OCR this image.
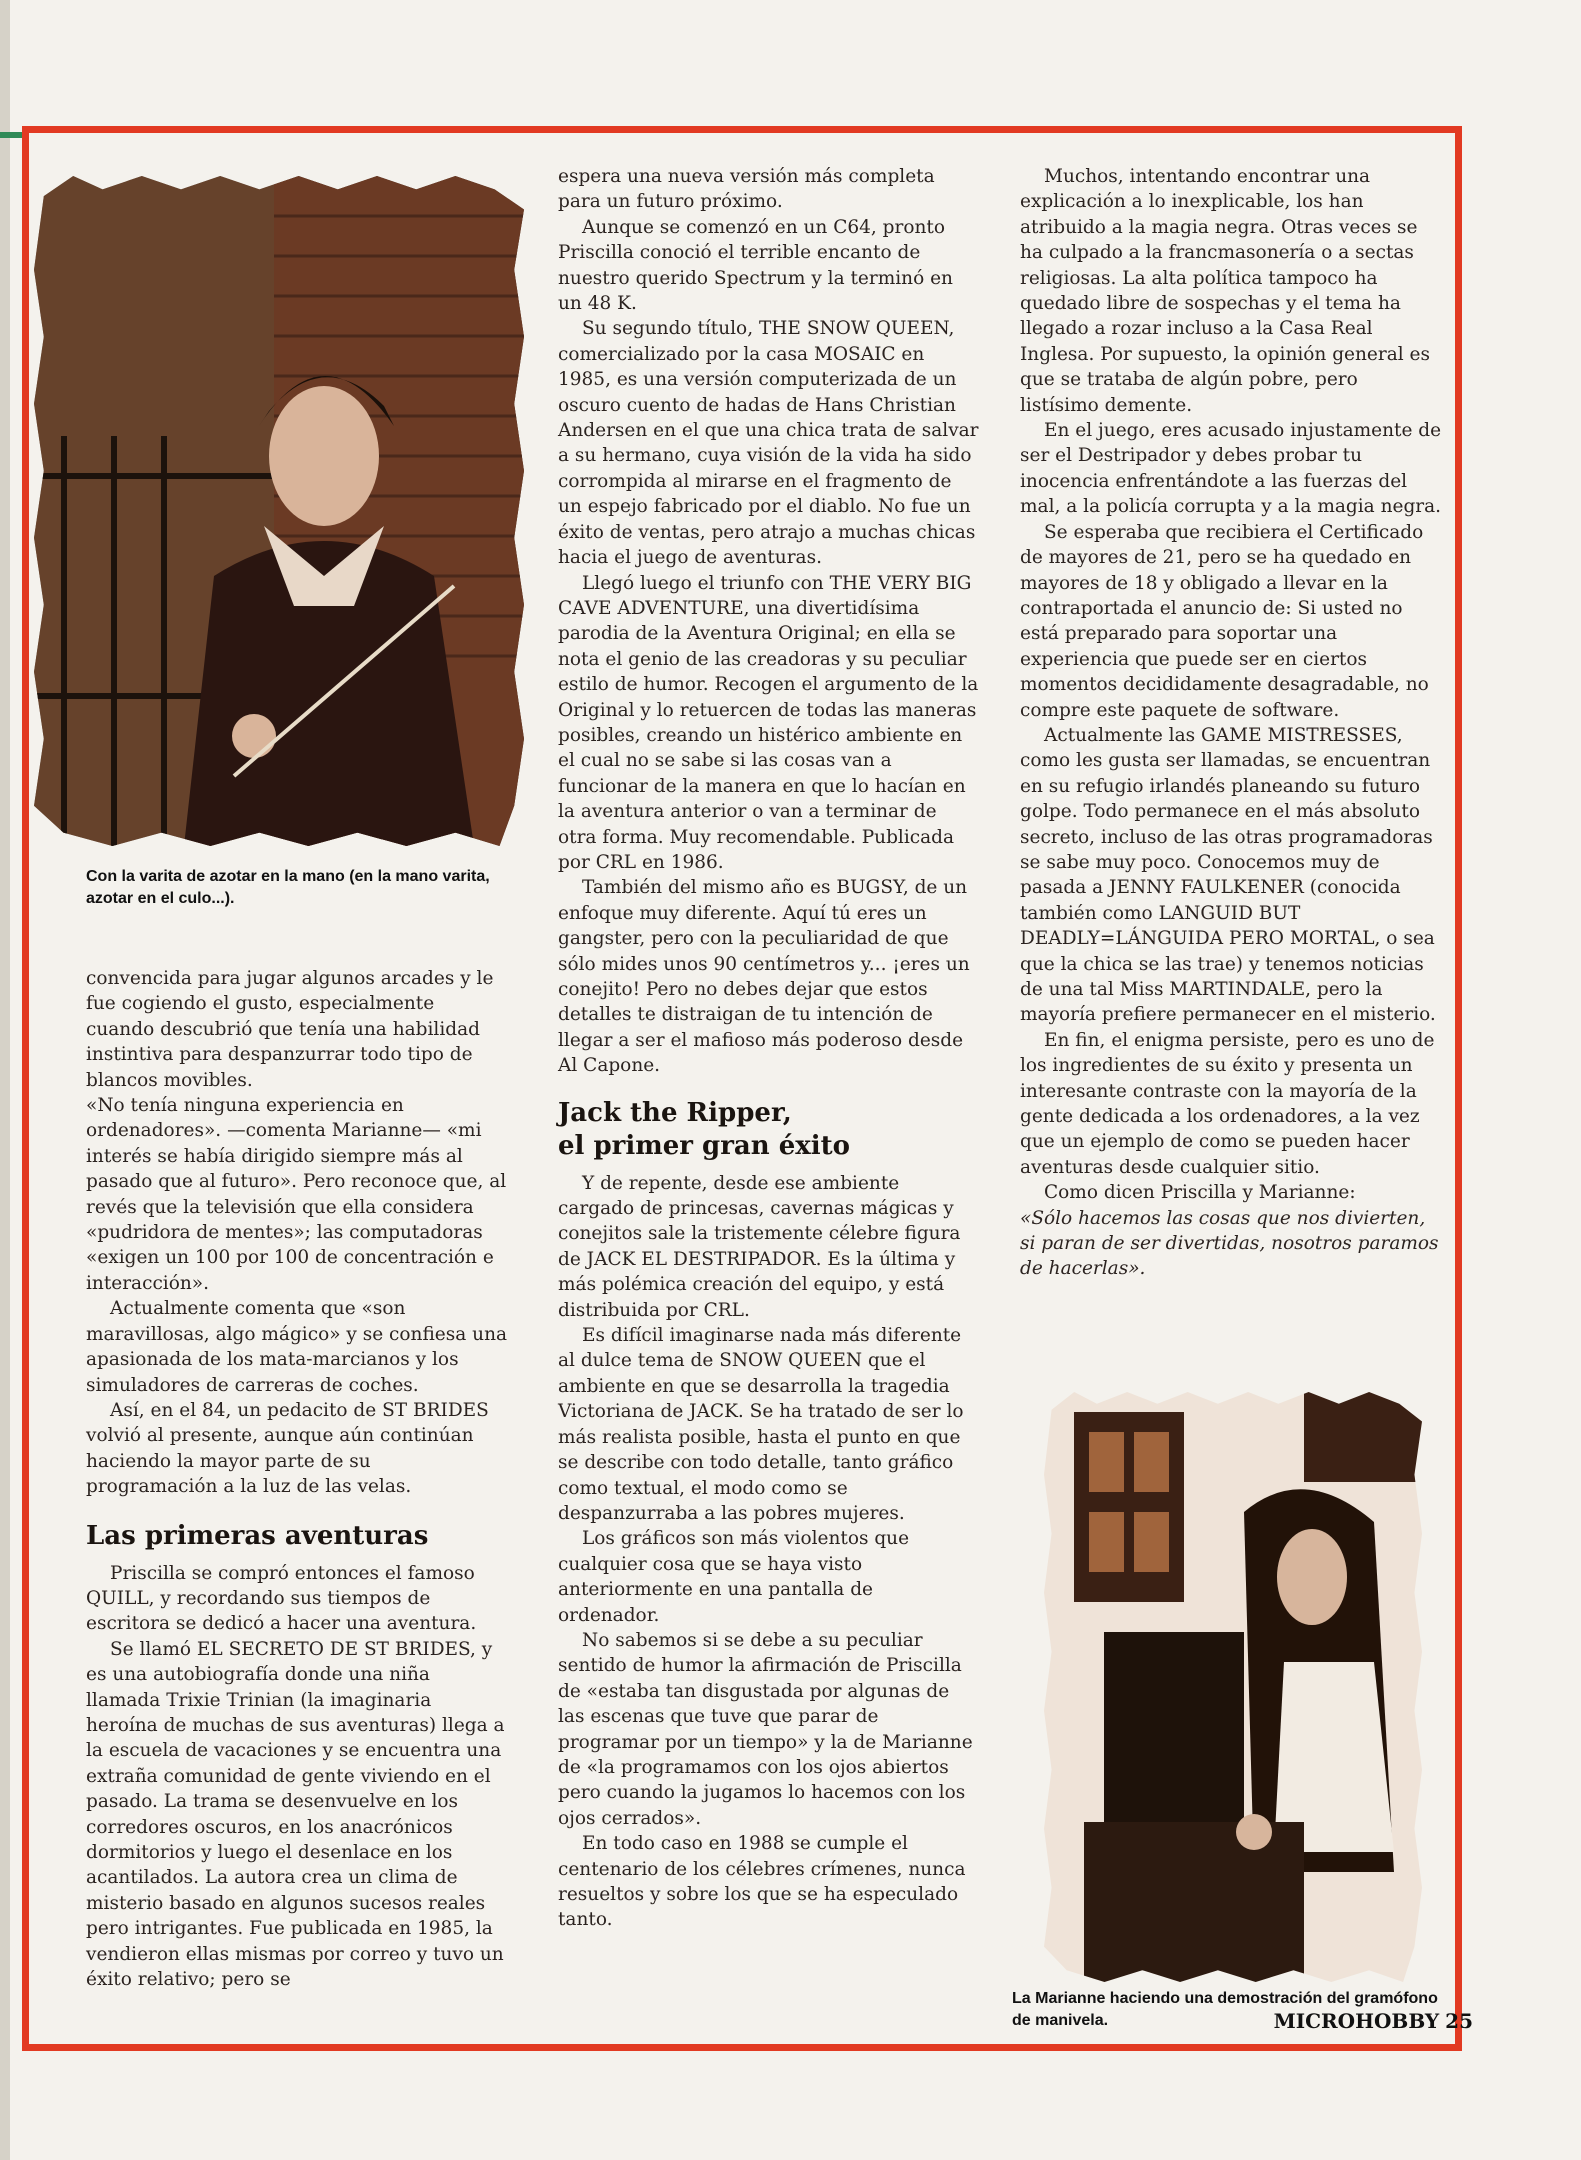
Con la varita de azotar en la mano (en la mano varita, azotar en el culo...).
La Marianne haciendo una demostración del gramófono de manivela.

convencida para jugar algunos arcades y le fue cogiendo el gusto, especialmente cuando descubrió que tenía una habilidad instintiva para despanzurrar todo tipo de blancos movibles.

«No tenía ninguna experiencia en ordenadores». —comenta Marianne— «mi interés se había dirigido siempre más al pasado que al futuro». Pero reconoce que, al revés que la televisión que ella considera «pudridora de mentes»; las computadoras «exigen un 100 por 100 de concentración e interacción».

Actualmente comenta que «son maravillosas, algo mágico» y se confiesa una apasionada de los mata-marcianos y los simuladores de carreras de coches.

Así, en el 84, un pedacito de ST BRIDES volvió al presente, aunque aún continúan haciendo la mayor parte de su programación a la luz de las velas.

Las primeras aventuras

Priscilla se compró entonces el famoso QUILL, y recordando sus tiempos de escritora se dedicó a hacer una aventura.

Se llamó EL SECRETO DE ST BRIDES, y es una autobiografía donde una niña llamada Trixie Trinian (la imaginaria heroína de muchas de sus aventuras) llega a la escuela de vacaciones y se encuentra una extraña comunidad de gente viviendo en el pasado. La trama se desenvuelve en los corredores oscuros, en los anacrónicos dormitorios y luego el desenlace en los acantilados. La autora crea un clima de misterio basado en algunos sucesos reales pero intrigantes. Fue publicada en 1985, la vendieron ellas mismas por correo y tuvo un éxito relativo; pero se

espera una nueva versión más completa para un futuro próximo.

Aunque se comenzó en un C64, pronto Priscilla conoció el terrible encanto de nuestro querido Spectrum y la terminó en un 48 K.

Su segundo título, THE SNOW QUEEN, comercializado por la casa MOSAIC en 1985, es una versión computerizada de un oscuro cuento de hadas de Hans Christian Andersen en el que una chica trata de salvar a su hermano, cuya visión de la vida ha sido corrompida al mirarse en el fragmento de un espejo fabricado por el diablo. No fue un éxito de ventas, pero atrajo a muchas chicas hacia el juego de aventuras.

Llegó luego el triunfo con THE VERY BIG CAVE ADVENTURE, una divertidísima parodia de la Aventura Original; en ella se nota el genio de las creadoras y su peculiar estilo de humor. Recogen el argumento de la Original y lo retuercen de todas las maneras posibles, creando un histérico ambiente en el cual no se sabe si las cosas van a funcionar de la manera en que lo hacían en la aventura anterior o van a terminar de otra forma. Muy recomendable. Publicada por CRL en 1986.

También del mismo año es BUGSY, de un enfoque muy diferente. Aquí tú eres un gangster, pero con la peculiaridad de que sólo mides unos 90 centímetros y... ¡eres un conejito! Pero no debes dejar que estos detalles te distraigan de tu intención de llegar a ser el mafioso más poderoso desde Al Capone.

Jack the Ripper,
el primer gran éxito

Y de repente, desde ese ambiente cargado de princesas, cavernas mágicas y conejitos sale la tristemente célebre figura de JACK EL DESTRIPADOR. Es la última y más polémica creación del equipo, y está distribuida por CRL.

Es difícil imaginarse nada más diferente al dulce tema de SNOW QUEEN que el ambiente en que se desarrolla la tragedia Victoriana de JACK. Se ha tratado de ser lo más realista posible, hasta el punto en que se describe con todo detalle, tanto gráfico como textual, el modo como se despanzurraba a las pobres mujeres.

Los gráficos son más violentos que cualquier cosa que se haya visto anteriormente en una pantalla de ordenador.

No sabemos si se debe a su peculiar sentido de humor la afirmación de Priscilla de «estaba tan disgustada por algunas de las escenas que tuve que parar de programar por un tiempo» y la de Marianne de «la programamos con los ojos abiertos pero cuando la jugamos lo hacemos con los ojos cerrados».

En todo caso en 1988 se cumple el centenario de los célebres crímenes, nunca resueltos y sobre los que se ha especulado tanto.

Muchos, intentando encontrar una explicación a lo inexplicable, los han atribuido a la magia negra. Otras veces se ha culpado a la francmasonería o a sectas religiosas. La alta política tampoco ha quedado libre de sospechas y el tema ha llegado a rozar incluso a la Casa Real Inglesa. Por supuesto, la opinión general es que se trataba de algún pobre, pero listísimo demente.

En el juego, eres acusado injustamente de ser el Destripador y debes probar tu inocencia enfrentándote a las fuerzas del mal, a la policía corrupta y a la magia negra.

Se esperaba que recibiera el Certificado de mayores de 21, pero se ha quedado en mayores de 18 y obligado a llevar en la contraportada el anuncio de: Si usted no está preparado para soportar una experiencia que puede ser en ciertos momentos decididamente desagradable, no compre este paquete de software.

Actualmente las GAME MISTRESSES, como les gusta ser llamadas, se encuentran en su refugio irlandés planeando su futuro golpe. Todo permanece en el más absoluto secreto, incluso de las otras programadoras se sabe muy poco. Conocemos muy de pasada a JENNY FAULKENER (conocida también como LANGUID BUT DEADLY=LÁNGUIDA PERO MORTAL, o sea que la chica se las trae) y tenemos noticias de una tal Miss MARTINDALE, pero la mayoría prefiere permanecer en el misterio.

En fin, el enigma persiste, pero es uno de los ingredientes de su éxito y presenta un interesante contraste con la mayoría de la gente dedicada a los ordenadores, a la vez que un ejemplo de como se pueden hacer aventuras desde cualquier sitio.

Como dicen Priscilla y Marianne:

«Sólo hacemos las cosas que nos divierten, si paran de ser divertidas, nosotros paramos de hacerlas».

MICROHOBBY 25
